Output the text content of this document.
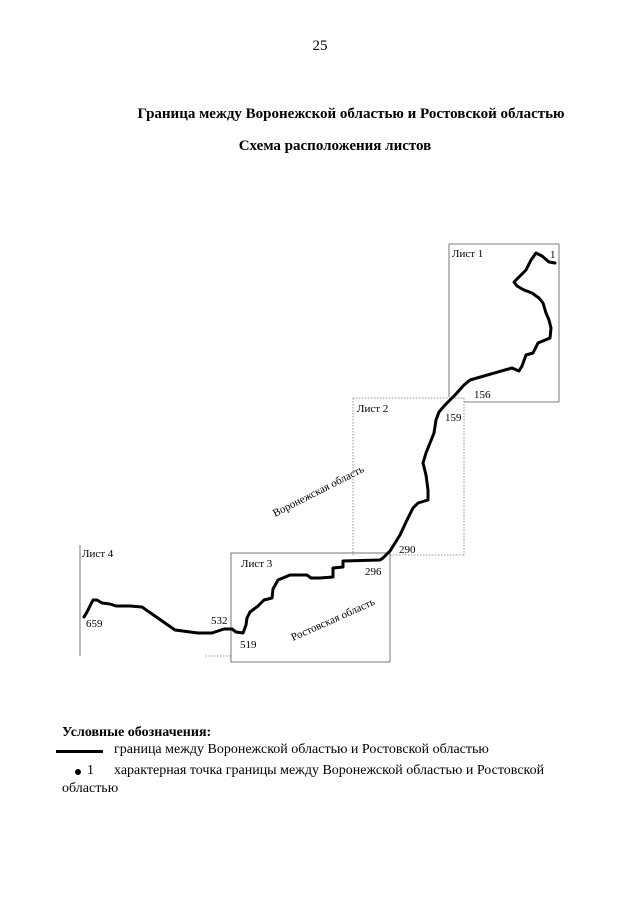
25
Граница между Воронежской областью и Ростовской областью
Схема расположения листов
Лист 1
Лист 2
Лист 3
Лист 4
Воронежская область
Ростовская область
1
156
159
290
296
532
519
659
Условные обозначения:
граница между Воронежской областью и Ростовской областью
1 характерная точка границы между Воронежской областью и Ростовской
областью
